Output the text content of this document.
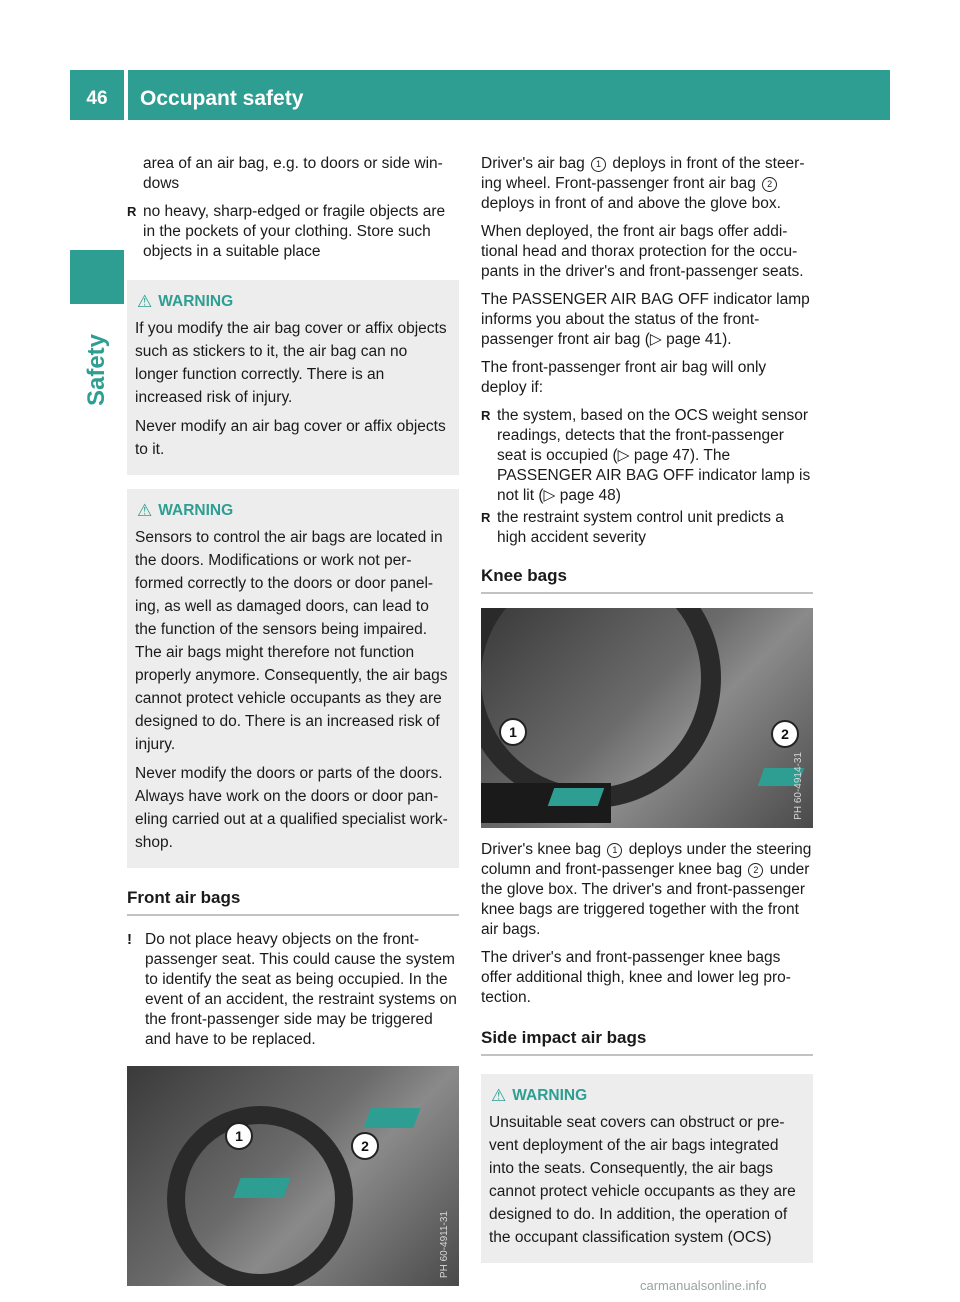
46	Occupant safety
Safety

area of an air bag, e.g. to doors or side win-dows

R no heavy, sharp-edged or fragile objects are in the pockets of your clothing. Store such objects in a suitable place
⚠ WARNING

If you modify the air bag cover or affix objects such as stickers to it, the air bag can no longer function correctly. There is an increased risk of injury.

Never modify an air bag cover or affix objects to it.

⚠ WARNING

Sensors to control the air bags are located in the doors. Modifications or work not per-formed correctly to the doors or door panel-ing, as well as damaged doors, can lead to the function of the sensors being impaired. The air bags might therefore not function properly anymore. Consequently, the air bags cannot protect vehicle occupants as they are designed to do. There is an increased risk of injury.

Never modify the doors or parts of the doors. Always have work on the doors or door pan-eling carried out at a qualified specialist work-shop.

Front air bags
! Do not place heavy objects on the front-passenger seat. This could cause the system to identify the seat as being occupied. In the event of an accident, the restraint systems on the front-passenger side may be triggered and have to be replaced.
1
2
PH 60-4911-31

Driver's air bag 1 deploys in front of the steer-ing wheel. Front-passenger front air bag 2 deploys in front of and above the glove box.

When deployed, the front air bags offer addi-tional head and thorax protection for the occu-pants in the driver's and front-passenger seats.

The PASSENGER AIR BAG OFF indicator lamp informs you about the status of the front-passenger front air bag (▷ page 41).

The front-passenger front air bag will only deploy if:

R the system, based on the OCS weight sensor readings, detects that the front-passenger seat is occupied (▷ page 47). The PASSENGER AIR BAG OFF indicator lamp is not lit (▷ page 48)
R the restraint system control unit predicts a high accident severity
Knee bags
1	2
PH 60-4914-31

Driver's knee bag 1 deploys under the steering column and front-passenger knee bag 2 under the glove box. The driver's and front-passenger knee bags are triggered together with the front air bags.

The driver's and front-passenger knee bags offer additional thigh, knee and lower leg pro-tection.

Side impact air bags
⚠ WARNING

Unsuitable seat covers can obstruct or pre-vent deployment of the air bags integrated into the seats. Consequently, the air bags cannot protect vehicle occupants as they are designed to do. In addition, the operation of the occupant classification system (OCS)

carmanualsonline.info
